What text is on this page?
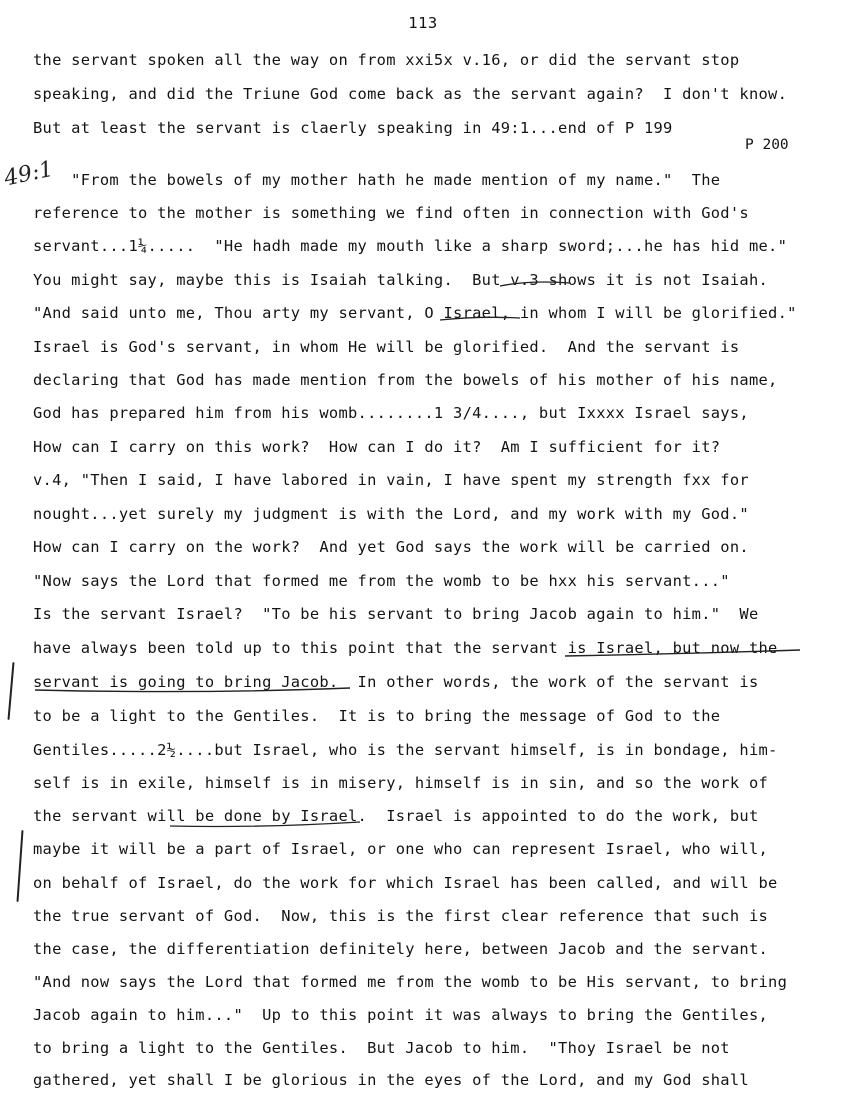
113
P 200
49:1
the servant spoken all the way on from xxi5x v.16, or did the servant stop
speaking, and did the Triune God come back as the servant again?  I don't know.
But at least the servant is claerly speaking in 49:1...end of P 199
"From the bowels of my mother hath he made mention of my name."  The
reference to the mother is something we find often in connection with God's
servant...1¼.....  "He hadh made my mouth like a sharp sword;...he has hid me."
You might say, maybe this is Isaiah talking.  But v.3 shows it is not Isaiah.
"And said unto me, Thou arty my servant, O Israel, in whom I will be glorified."
Israel is God's servant, in whom He will be glorified.  And the servant is
declaring that God has made mention from the bowels of his mother of his name,
God has prepared him from his womb........1 3/4...., but Ixxxx Israel says,
How can I carry on this work?  How can I do it?  Am I sufficient for it?
v.4, "Then I said, I have labored in vain, I have spent my strength fxx for
nought...yet surely my judgment is with the Lord, and my work with my God."
How can I carry on the work?  And yet God says the work will be carried on.
"Now says the Lord that formed me from the womb to be hxx his servant..."
Is the servant Israel?  "To be his servant to bring Jacob again to him."  We
have always been told up to this point that the servant is Israel, but now the
servant is going to bring Jacob.  In other words, the work of the servant is
to be a light to the Gentiles.  It is to bring the message of God to the
Gentiles.....2½....but Israel, who is the servant himself, is in bondage, him-
self is in exile, himself is in misery, himself is in sin, and so the work of
the servant will be done by Israel.  Israel is appointed to do the work, but
maybe it will be a part of Israel, or one who can represent Israel, who will,
on behalf of Israel, do the work for which Israel has been called, and will be
the true servant of God.  Now, this is the first clear reference that such is
the case, the differentiation definitely here, between Jacob and the servant.
"And now says the Lord that formed me from the womb to be His servant, to bring
Jacob again to him..."  Up to this point it was always to bring the Gentiles,
to bring a light to the Gentiles.  But Jacob to him.  "Thoy Israel be not
gathered, yet shall I be glorious in the eyes of the Lord, and my God shall
